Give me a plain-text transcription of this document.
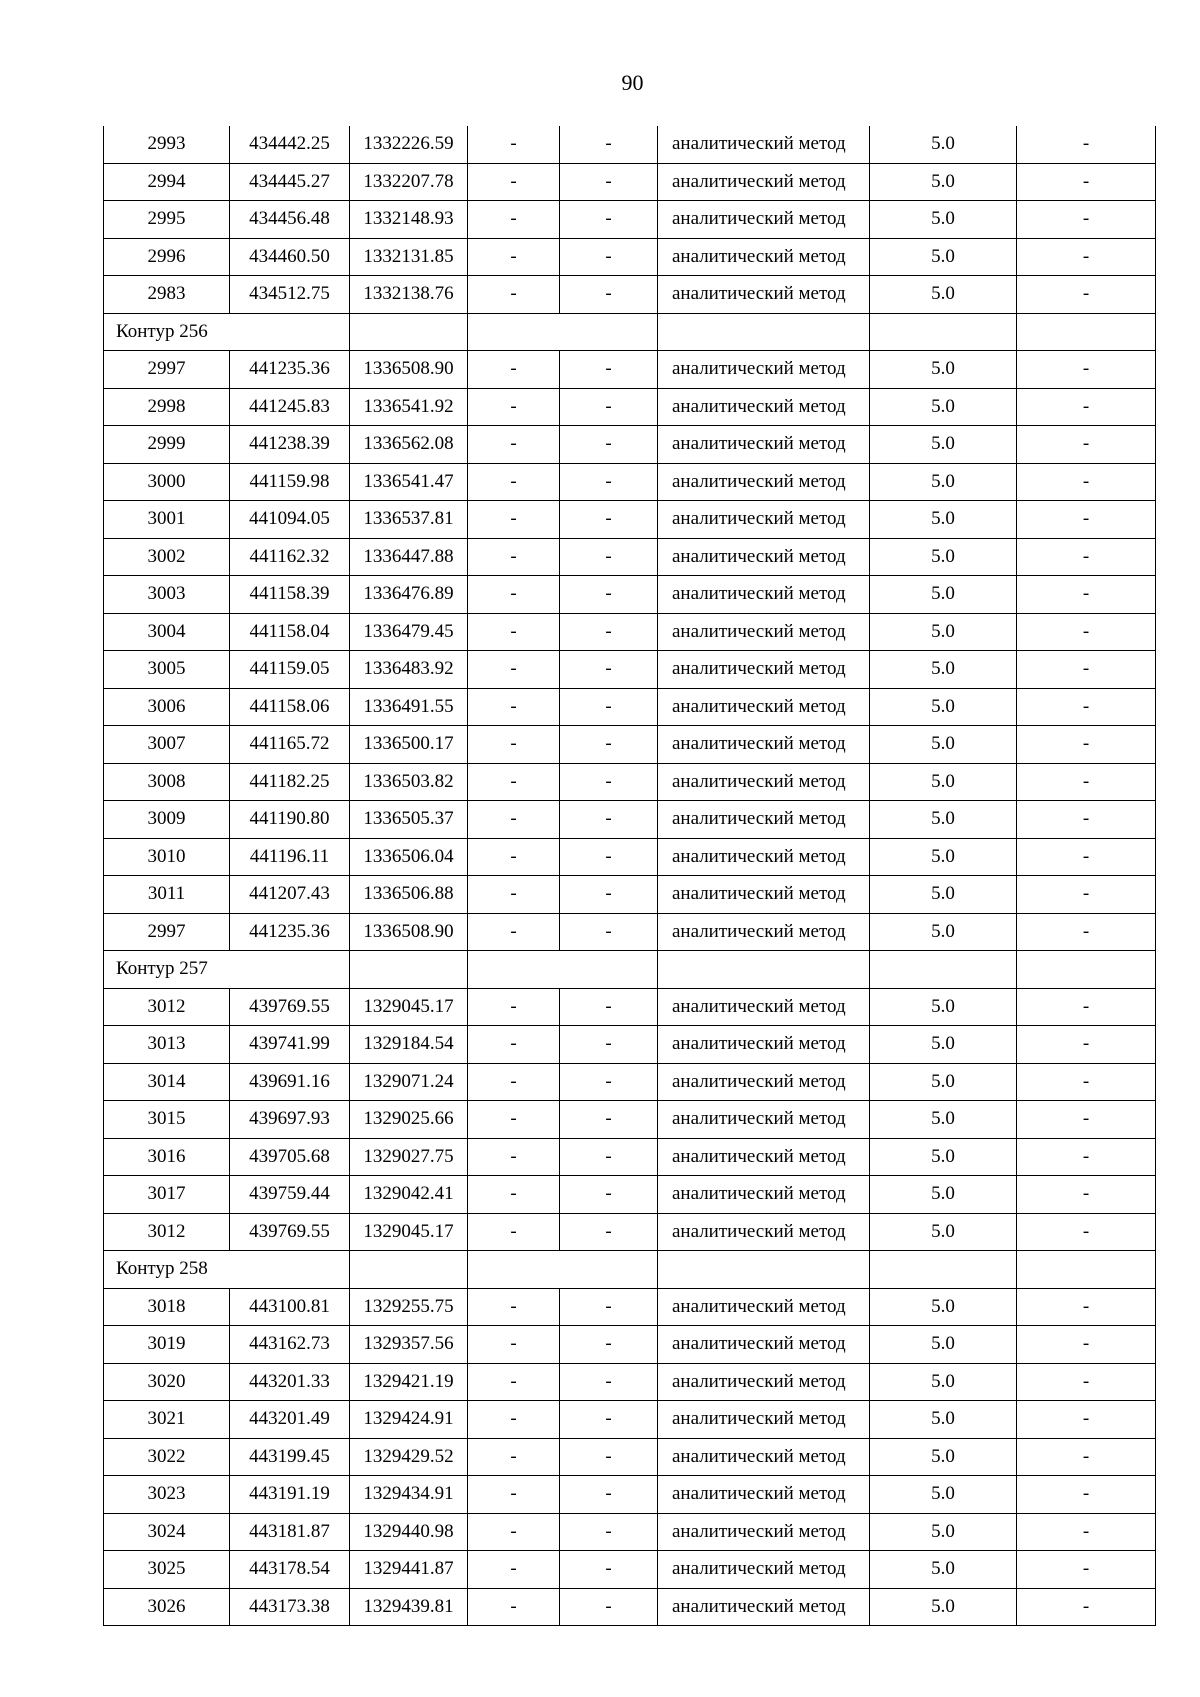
90
2993	434442.25	1332226.59	-	-	аналитический метод	5.0	-
2994	434445.27	1332207.78	-	-	аналитический метод	5.0	-
2995	434456.48	1332148.93	-	-	аналитический метод	5.0	-
2996	434460.50	1332131.85	-	-	аналитический метод	5.0	-
2983	434512.75	1332138.76	-	-	аналитический метод	5.0	-
Контур 256							
2997	441235.36	1336508.90	-	-	аналитический метод	5.0	-
2998	441245.83	1336541.92	-	-	аналитический метод	5.0	-
2999	441238.39	1336562.08	-	-	аналитический метод	5.0	-
3000	441159.98	1336541.47	-	-	аналитический метод	5.0	-
3001	441094.05	1336537.81	-	-	аналитический метод	5.0	-
3002	441162.32	1336447.88	-	-	аналитический метод	5.0	-
3003	441158.39	1336476.89	-	-	аналитический метод	5.0	-
3004	441158.04	1336479.45	-	-	аналитический метод	5.0	-
3005	441159.05	1336483.92	-	-	аналитический метод	5.0	-
3006	441158.06	1336491.55	-	-	аналитический метод	5.0	-
3007	441165.72	1336500.17	-	-	аналитический метод	5.0	-
3008	441182.25	1336503.82	-	-	аналитический метод	5.0	-
3009	441190.80	1336505.37	-	-	аналитический метод	5.0	-
3010	441196.11	1336506.04	-	-	аналитический метод	5.0	-
3011	441207.43	1336506.88	-	-	аналитический метод	5.0	-
2997	441235.36	1336508.90	-	-	аналитический метод	5.0	-
Контур 257							
3012	439769.55	1329045.17	-	-	аналитический метод	5.0	-
3013	439741.99	1329184.54	-	-	аналитический метод	5.0	-
3014	439691.16	1329071.24	-	-	аналитический метод	5.0	-
3015	439697.93	1329025.66	-	-	аналитический метод	5.0	-
3016	439705.68	1329027.75	-	-	аналитический метод	5.0	-
3017	439759.44	1329042.41	-	-	аналитический метод	5.0	-
3012	439769.55	1329045.17	-	-	аналитический метод	5.0	-
Контур 258							
3018	443100.81	1329255.75	-	-	аналитический метод	5.0	-
3019	443162.73	1329357.56	-	-	аналитический метод	5.0	-
3020	443201.33	1329421.19	-	-	аналитический метод	5.0	-
3021	443201.49	1329424.91	-	-	аналитический метод	5.0	-
3022	443199.45	1329429.52	-	-	аналитический метод	5.0	-
3023	443191.19	1329434.91	-	-	аналитический метод	5.0	-
3024	443181.87	1329440.98	-	-	аналитический метод	5.0	-
3025	443178.54	1329441.87	-	-	аналитический метод	5.0	-
3026	443173.38	1329439.81	-	-	аналитический метод	5.0	-
